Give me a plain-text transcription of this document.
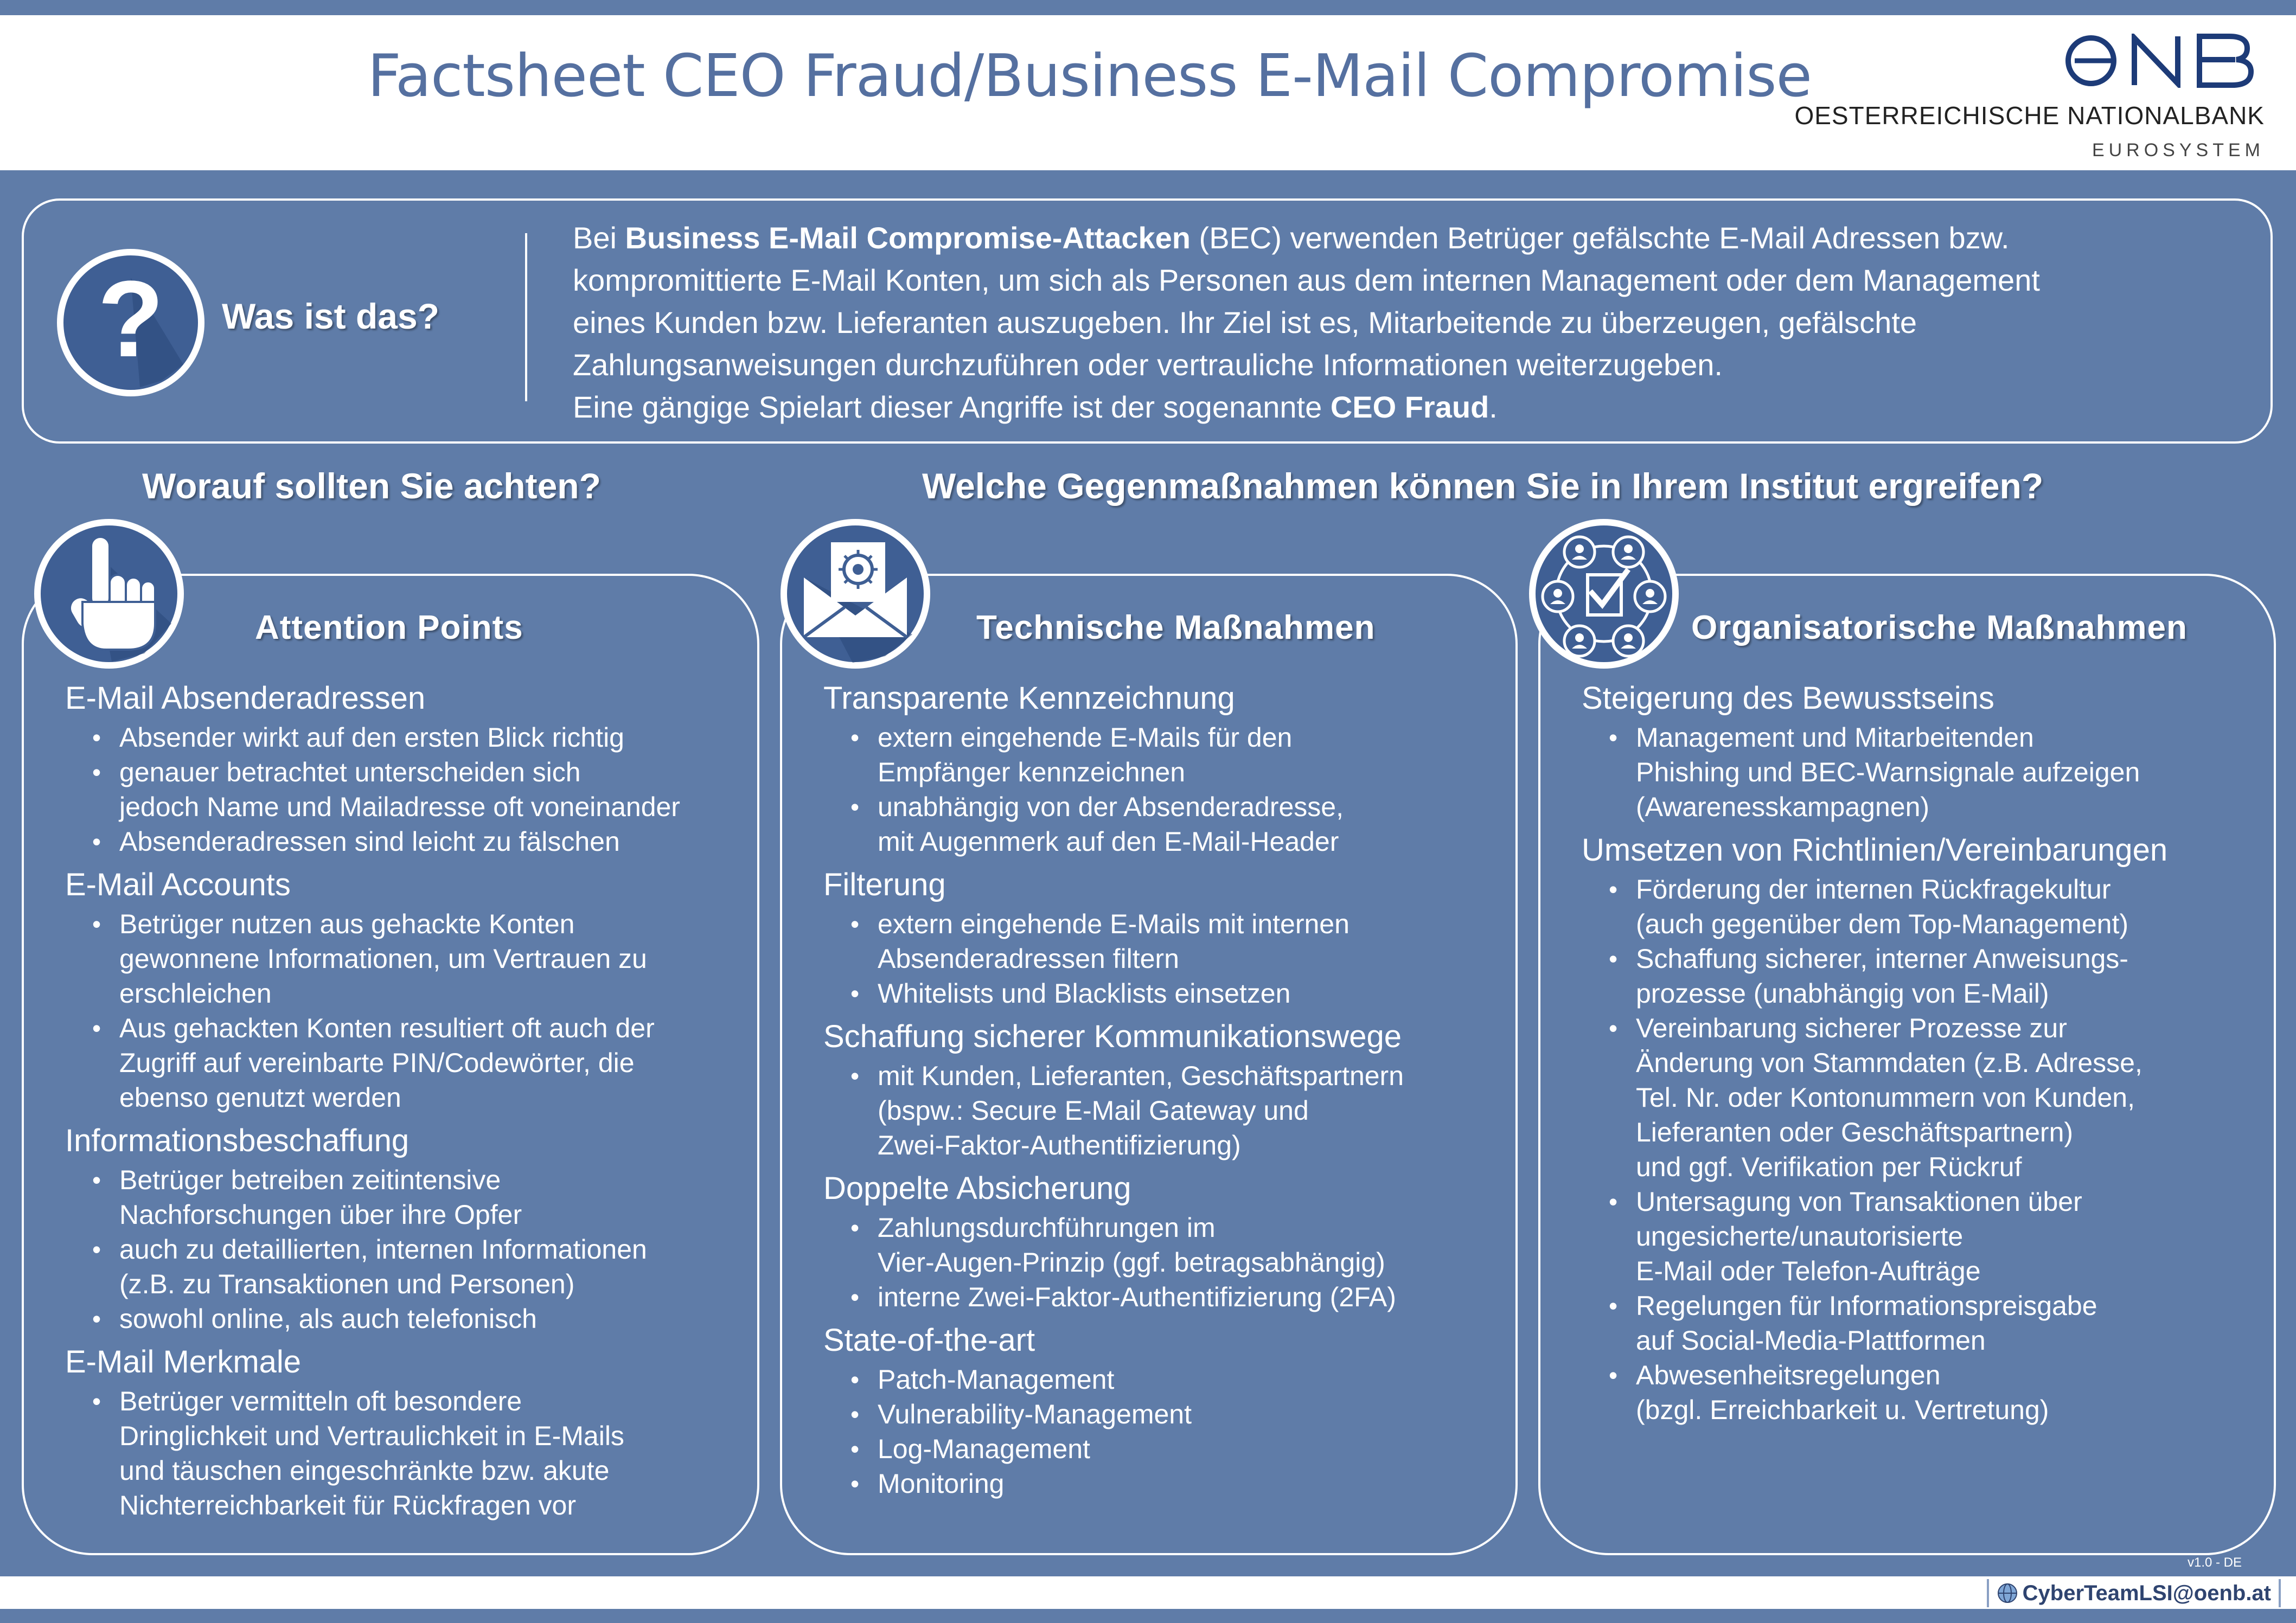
Factsheet CEO Fraud/Business E-Mail Compromise
OESTERREICHISCHE NATIONALBANK
EUROSYSTEM
? Was ist das?
Bei Business E-Mail Compromise-Attacken (BEC) verwenden Betrüger gefälschte E-Mail Adressen bzw.
kompromittierte E-Mail Konten, um sich als Personen aus dem internen Management oder dem Management
eines Kunden bzw. Lieferanten auszugeben. Ihr Ziel ist es, Mitarbeitende zu überzeugen, gefälschte
Zahlungsanweisungen durchzuführen oder vertrauliche Informationen weiterzugeben.
Eine gängige Spielart dieser Angriffe ist der sogenannte CEO Fraud.
Worauf sollten Sie achten?	Welche Gegenmaßnahmen können Sie in Ihrem Institut ergreifen?
Attention Points	Technische Maßnahmen	Organisatorische Maßnahmen
E-Mail Absenderadressen
• Absender wirkt auf den ersten Blick richtig
• genauer betrachtet unterscheiden sich
jedoch Name und Mailadresse oft voneinander
• Absenderadressen sind leicht zu fälschen
E-Mail Accounts
• Betrüger nutzen aus gehackte Konten
gewonnene Informationen, um Vertrauen zu
erschleichen
• Aus gehackten Konten resultiert oft auch der
Zugriff auf vereinbarte PIN/Codewörter, die
ebenso genutzt werden
Informationsbeschaffung
• Betrüger betreiben zeitintensive
Nachforschungen über ihre Opfer
• auch zu detaillierten, internen Informationen
(z.B. zu Transaktionen und Personen)
• sowohl online, als auch telefonisch
E-Mail Merkmale
• Betrüger vermitteln oft besondere
Dringlichkeit und Vertraulichkeit in E-Mails
und täuschen eingeschränkte bzw. akute
Nichterreichbarkeit für Rückfragen vor
Transparente Kennzeichnung
• extern eingehende E-Mails für den
Empfänger kennzeichnen
• unabhängig von der Absenderadresse,
mit Augenmerk auf den E-Mail-Header
Filterung
• extern eingehende E-Mails mit internen
Absenderadressen filtern
• Whitelists und Blacklists einsetzen
Schaffung sicherer Kommunikationswege
• mit Kunden, Lieferanten, Geschäftspartnern
(bspw.: Secure E-Mail Gateway und
Zwei-Faktor-Authentifizierung)
Doppelte Absicherung
• Zahlungsdurchführungen im
Vier-Augen-Prinzip (ggf. betragsabhängig)
• interne Zwei-Faktor-Authentifizierung (2FA)
State-of-the-art
• Patch-Management
• Vulnerability-Management
• Log-Management
• Monitoring
Steigerung des Bewusstseins
• Management und Mitarbeitenden
Phishing und BEC-Warnsignale aufzeigen
(Awarenesskampagnen)
Umsetzen von Richtlinien/Vereinbarungen
• Förderung der internen Rückfragekultur
(auch gegenüber dem Top-Management)
• Schaffung sicherer, interner Anweisungs-
prozesse (unabhängig von E-Mail)
• Vereinbarung sicherer Prozesse zur
Änderung von Stammdaten (z.B. Adresse,
Tel. Nr. oder Kontonummern von Kunden,
Lieferanten oder Geschäftspartnern)
und ggf. Verifikation per Rückruf
• Untersagung von Transaktionen über
ungesicherte/unautorisierte
E-Mail oder Telefon-Aufträge
• Regelungen für Informationspreisgabe
auf Social-Media-Plattformen
• Abwesenheitsregelungen
(bzgl. Erreichbarkeit u. Vertretung)
v1.0 - DE
CyberTeamLSI@oenb.at
